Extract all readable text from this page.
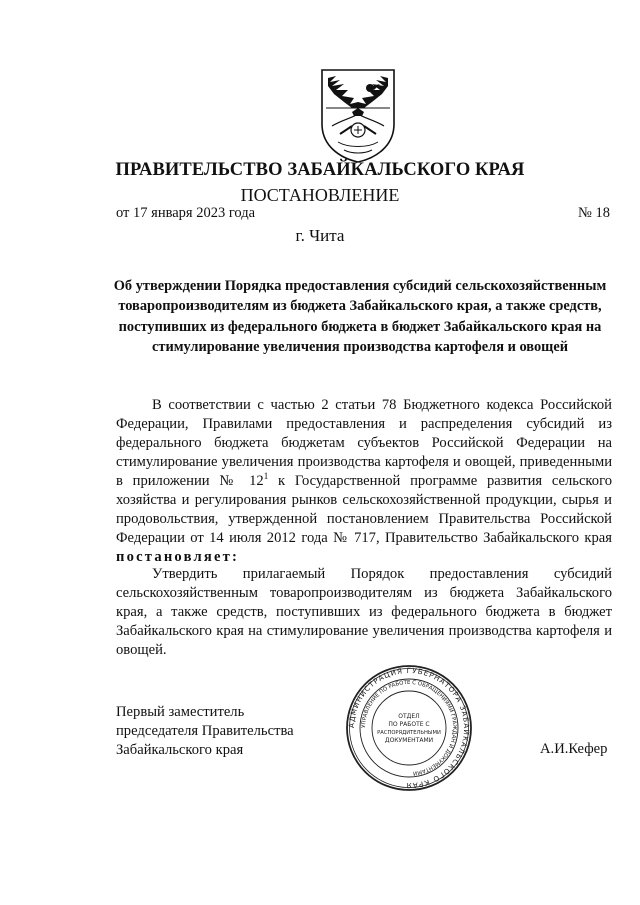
ПРАВИТЕЛЬСТВО ЗАБАЙКАЛЬСКОГО КРАЯ
ПОСТАНОВЛЕНИЕ
от 17 января 2023 года	№ 18
г. Чита
Об утверждении Порядка предоставления субсидий сельскохозяйственным товаропроизводителям из бюджета Забайкальского края, а также средств, поступивших из федерального бюджета в бюджет Забайкальского края на стимулирование увеличения производства картофеля и овощей
В соответствии с частью 2 статьи 78 Бюджетного кодекса Российской Федерации, Правилами предоставления и распределения субсидий из федерального бюджета бюджетам субъектов Российской Федерации на стимулирование увеличения производства картофеля и овощей, приведенными в приложении № $12^1$ к Государственной программе развития сельского хозяйства и регулирования рынков сельскохозяйственной продукции, сырья и продовольствия, утвержденной постановлением Правительства Российской Федерации от 14 июля 2012 года № 717, Правительство Забайкальского края постановляет:
Утвердить прилагаемый Порядок предоставления субсидий сельскохозяйственным товаропроизводителям из бюджета Забайкальского края, а также средств, поступивших из федерального бюджета в бюджет Забайкальского края на стимулирование увеличения производства картофеля и овощей.
Первый заместитель
председателя Правительства
Забайкальского края	А.И.Кефер
АДМИНИСТРАЦИЯ ГУБЕРНАТОРА ЗАБАЙКАЛЬСКОГО КРАЯ
УПРАВЛЕНИЕ ПО РАБОТЕ С ОБРАЩЕНИЯМИ ГРАЖДАН И ДОКУМЕНТАМИ
ОТДЕЛ
ПО РАБОТЕ С
РАСПОРЯДИТЕЛЬНЫМИ
ДОКУМЕНТАМИ
